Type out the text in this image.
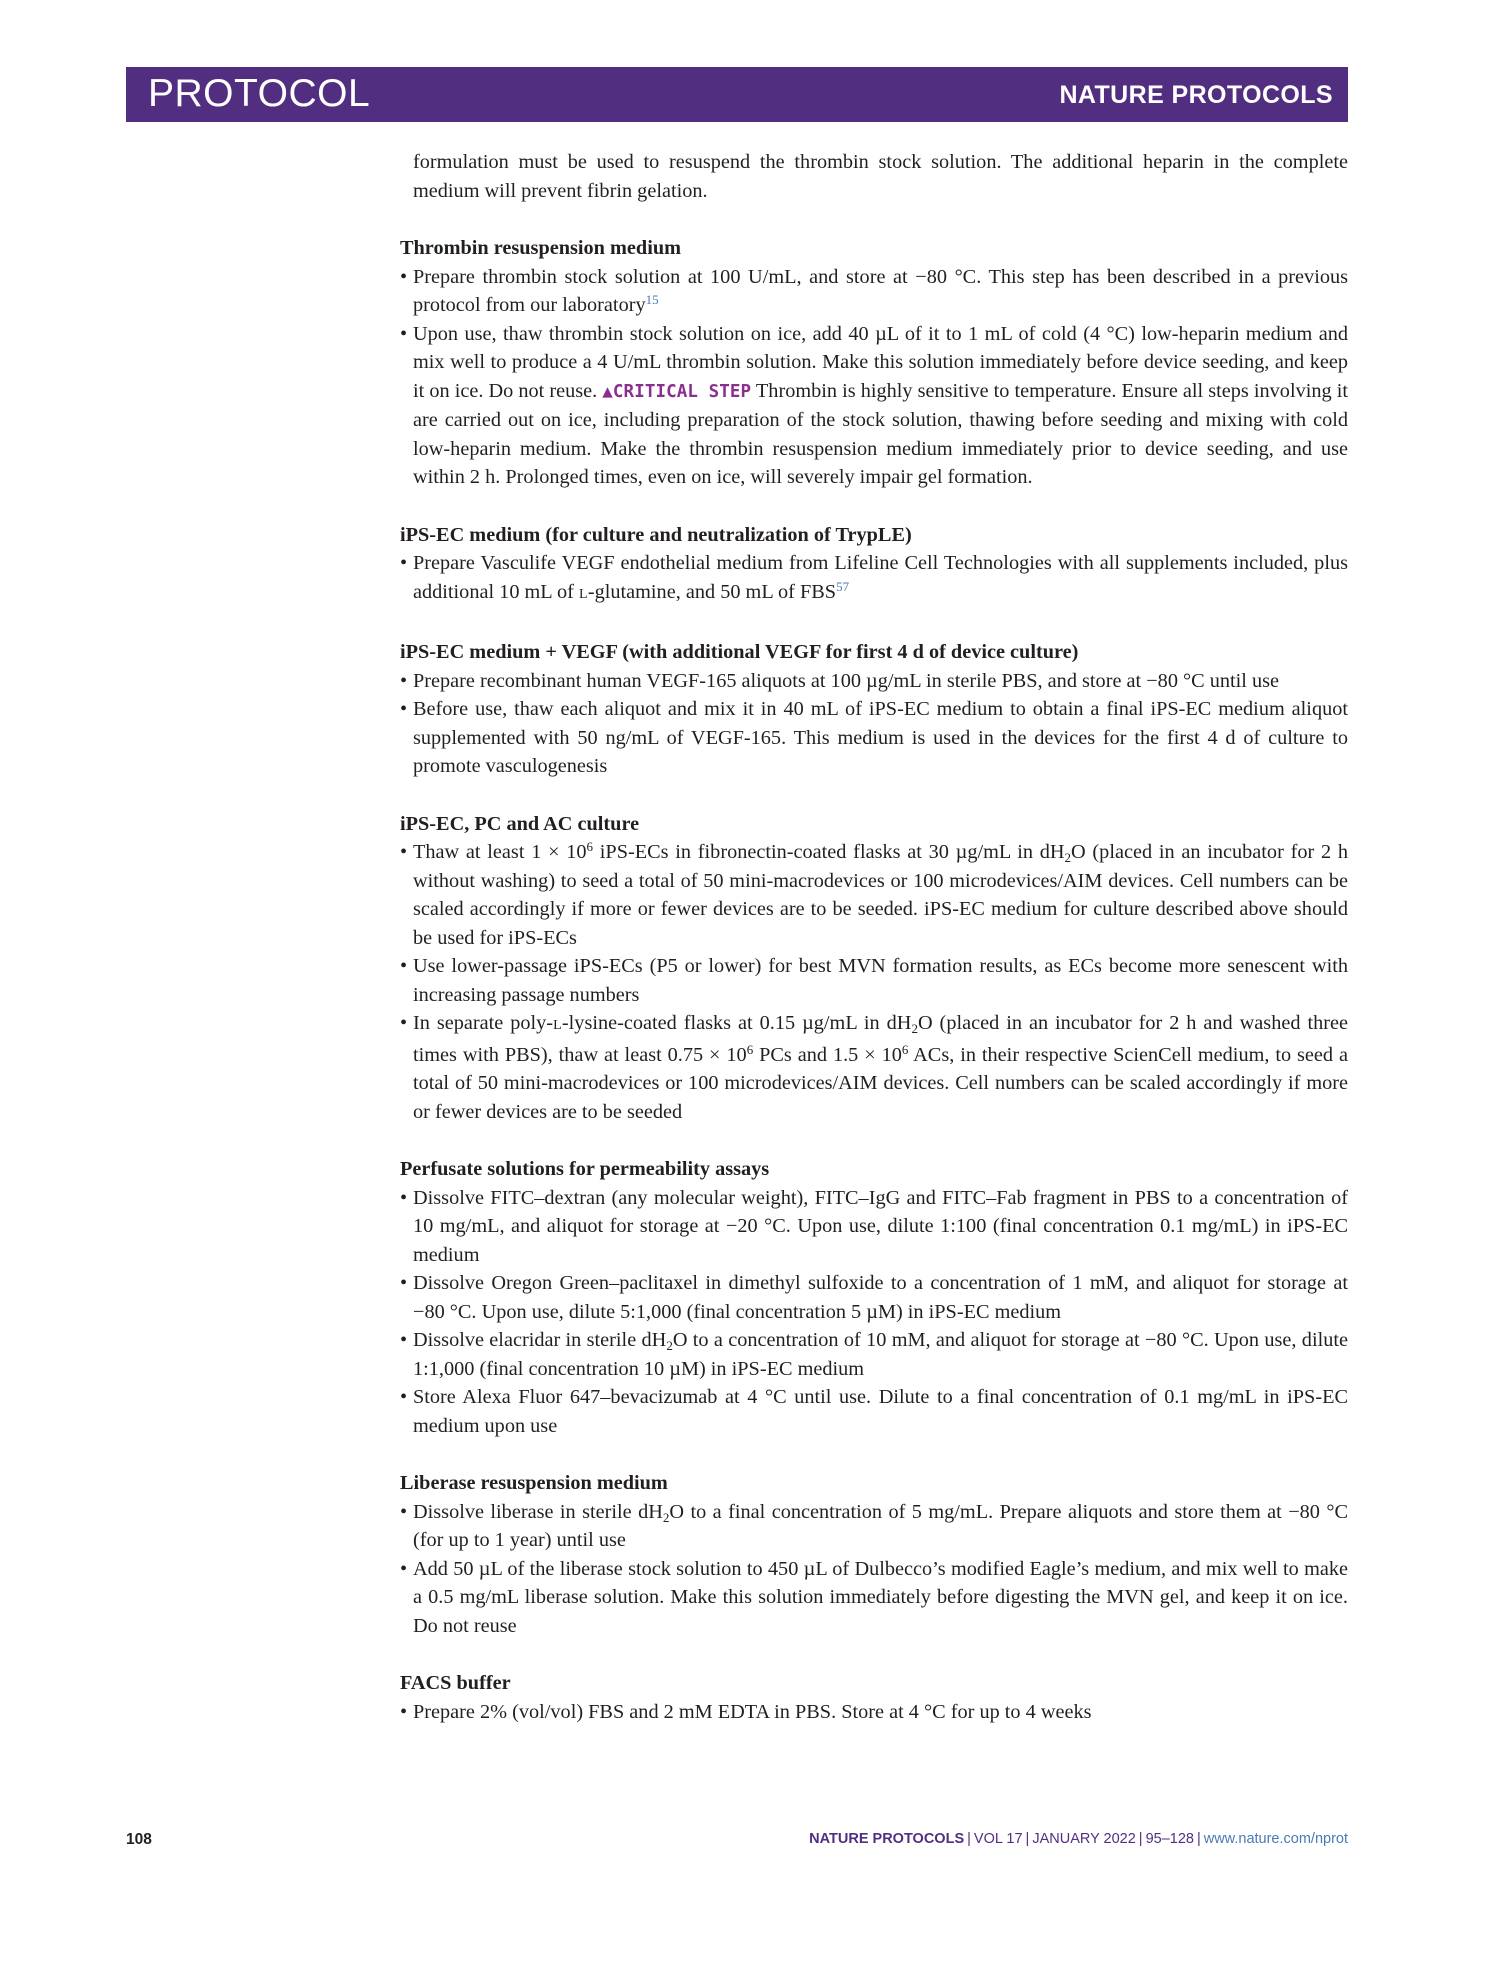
PROTOCOL	NATURE PROTOCOLS

formulation must be used to resuspend the thrombin stock solution. The additional heparin in the complete medium will prevent fibrin gelation.

Thrombin resuspension medium
• Prepare thrombin stock solution at 100 U/mL, and store at −80 °C. This step has been described in a previous protocol from our laboratory$^{15}$
• Upon use, thaw thrombin stock solution on ice, add 40 µL of it to 1 mL of cold (4 °C) low-heparin medium and mix well to produce a 4 U/mL thrombin solution. Make this solution immediately before device seeding, and keep it on ice. Do not reuse. ▲CRITICAL STEP Thrombin is highly sensitive to temperature. Ensure all steps involving it are carried out on ice, including preparation of the stock solution, thawing before seeding and mixing with cold low-heparin medium. Make the thrombin resuspension medium immediately prior to device seeding, and use within 2 h. Prolonged times, even on ice, will severely impair gel formation.
iPS-EC medium (for culture and neutralization of TrypLE)
• Prepare Vasculife VEGF endothelial medium from Lifeline Cell Technologies with all supplements included, plus additional 10 mL of L-glutamine, and 50 mL of FBS$^{57}$
iPS-EC medium + VEGF (with additional VEGF for first 4 d of device culture)
• Prepare recombinant human VEGF-165 aliquots at 100 µg/mL in sterile PBS, and store at −80 °C until use
• Before use, thaw each aliquot and mix it in 40 mL of iPS-EC medium to obtain a final iPS-EC medium aliquot supplemented with 50 ng/mL of VEGF-165. This medium is used in the devices for the first 4 d of culture to promote vasculogenesis
iPS-EC, PC and AC culture
• Thaw at least $1 \times 10^6$ iPS-ECs in fibronectin-coated flasks at 30 µg/mL in $dH_2O$ (placed in an incubator for 2 h without washing) to seed a total of 50 mini-macrodevices or 100 microdevices/AIM devices. Cell numbers can be scaled accordingly if more or fewer devices are to be seeded. iPS-EC medium for culture described above should be used for iPS-ECs
• Use lower-passage iPS-ECs (P5 or lower) for best MVN formation results, as ECs become more senescent with increasing passage numbers
• In separate poly-L-lysine-coated flasks at 0.15 µg/mL in $dH_2O$ (placed in an incubator for 2 h and washed three times with PBS), thaw at least $0.75 \times 10^6$ PCs and $1.5 \times 10^6$ ACs, in their respective ScienCell medium, to seed a total of 50 mini-macrodevices or 100 microdevices/AIM devices. Cell numbers can be scaled accordingly if more or fewer devices are to be seeded
Perfusate solutions for permeability assays
• Dissolve FITC–dextran (any molecular weight), FITC–IgG and FITC–Fab fragment in PBS to a concentration of 10 mg/mL, and aliquot for storage at −20 °C. Upon use, dilute 1:100 (final concentration 0.1 mg/mL) in iPS-EC medium
• Dissolve Oregon Green–paclitaxel in dimethyl sulfoxide to a concentration of 1 mM, and aliquot for storage at −80 °C. Upon use, dilute 5:1,000 (final concentration 5 µM) in iPS-EC medium
• Dissolve elacridar in sterile $dH_2O$ to a concentration of 10 mM, and aliquot for storage at −80 °C. Upon use, dilute 1:1,000 (final concentration 10 µM) in iPS-EC medium
• Store Alexa Fluor 647–bevacizumab at 4 °C until use. Dilute to a final concentration of 0.1 mg/mL in iPS-EC medium upon use
Liberase resuspension medium
• Dissolve liberase in sterile $dH_2O$ to a final concentration of 5 mg/mL. Prepare aliquots and store them at −80 °C (for up to 1 year) until use
• Add 50 µL of the liberase stock solution to 450 µL of Dulbecco’s modified Eagle’s medium, and mix well to make a 0.5 mg/mL liberase solution. Make this solution immediately before digesting the MVN gel, and keep it on ice. Do not reuse
FACS buffer
• Prepare 2% (vol/vol) FBS and 2 mM EDTA in PBS. Store at 4 °C for up to 4 weeks
108	NATURE PROTOCOLS | VOL 17 | JANUARY 2022 | 95–128 | www.nature.com/nprot
